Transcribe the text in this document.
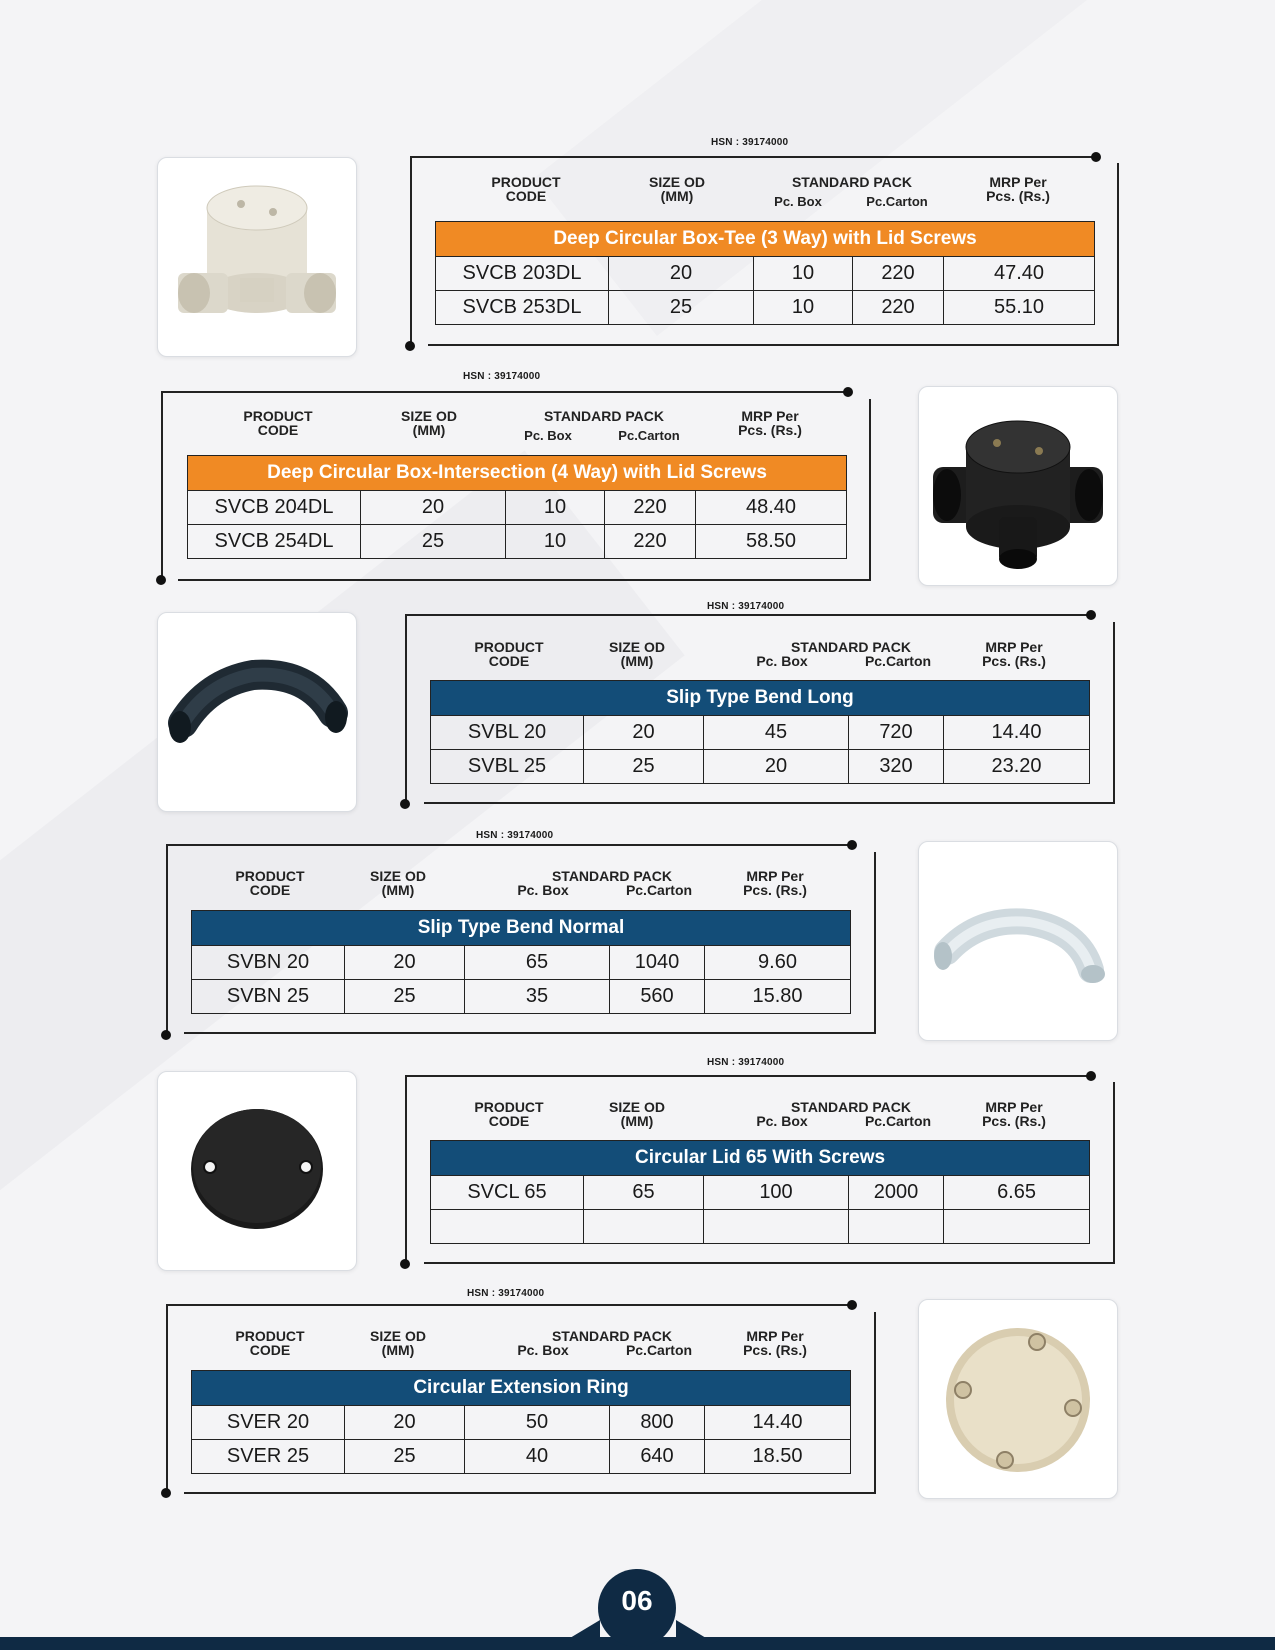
HSN : 39174000
PRODUCT
CODE
SIZE OD
(MM)
STANDARD PACK
Pc. Box	Pc.Carton
MRP Per
Pcs. (Rs.)
Deep Circular Box-Tee (3 Way) with Lid Screws				
SVCB 203DL	20	10	220	47.40
SVCB 253DL	25	10	220	55.10
HSN : 39174000
PRODUCT
CODE
SIZE OD
(MM)
STANDARD PACK
Pc. Box	Pc.Carton
MRP Per
Pcs. (Rs.)
Deep Circular Box-Intersection (4 Way) with Lid Screws				
SVCB 204DL	20	10	220	48.40
SVCB 254DL	25	10	220	58.50
HSN : 39174000
PRODUCT
CODE
SIZE OD
(MM)
STANDARD PACK
Pc. Box	Pc.Carton
MRP Per
Pcs. (Rs.)
Slip Type Bend Long				
SVBL 20	20	45	720	14.40
SVBL 25	25	20	320	23.20
HSN : 39174000
PRODUCT
CODE
SIZE OD
(MM)
STANDARD PACK
Pc. Box	Pc.Carton
MRP Per
Pcs. (Rs.)
Slip Type Bend Normal				
SVBN 20	20	65	1040	9.60
SVBN 25	25	35	560	15.80
HSN : 39174000
PRODUCT
CODE
SIZE OD
(MM)
STANDARD PACK
Pc. Box	Pc.Carton
MRP Per
Pcs. (Rs.)
Circular Lid 65 With Screws				
SVCL 65	65	100	2000	6.65

HSN : 39174000
PRODUCT
CODE
SIZE OD
(MM)
STANDARD PACK
Pc. Box	Pc.Carton
MRP Per
Pcs. (Rs.)
Circular Extension Ring				
SVER 20	20	50	800	14.40
SVER 25	25	40	640	18.50
06
